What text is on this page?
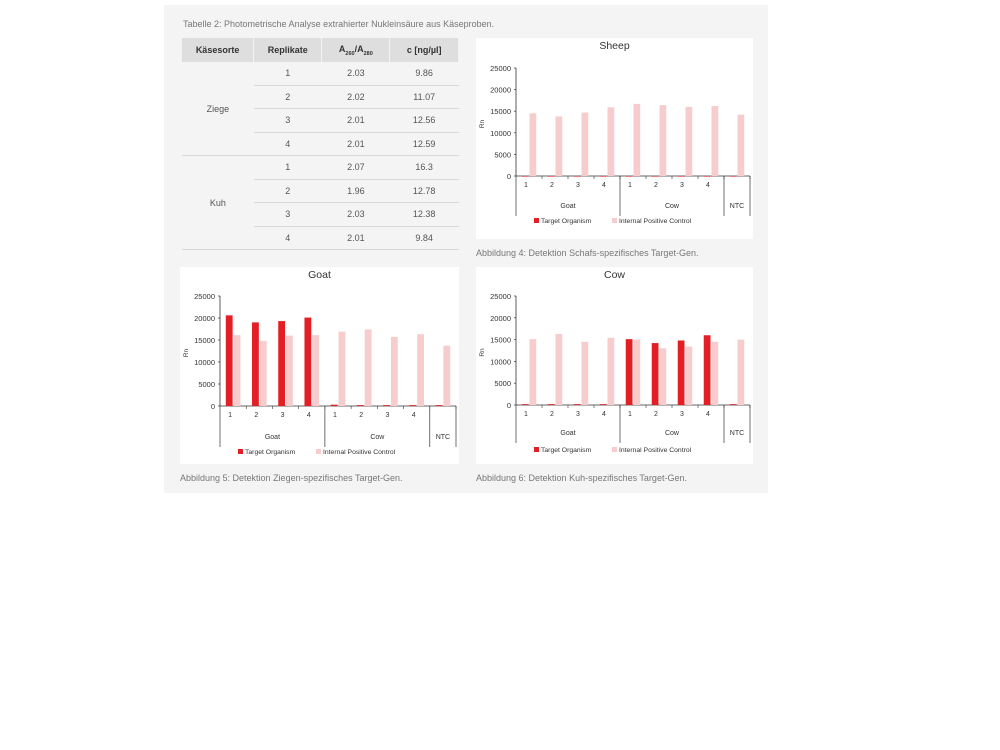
Tabelle 2: Photometrische Analyse extrahierter Nukleinsäure aus Käseproben.
Käsesorte	Replikate	$A_{260}/A_{280}$	c [ng/µl]
Ziege	1	2.03	9.86
	2	2.02	11.07
	3	2.01	12.56
	4	2.01	12.59
Kuh	1	2.07	16.3
	2	1.96	12.78
	3	2.03	12.38
	4	2.01	9.84
Sheep
0
5000
10000
15000
20000
25000
Rn
1	2	3	4	1	2	3	4
Goat	Cow	NTC
Target Organism	Internal Positive Control
Abbildung 4: Detektion Schafs-spezifisches Target-Gen.
Goat
0
5000
10000
15000
20000
25000
Rn
1	2	3	4	1	2	3	4
Goat	Cow	NTC
Target Organism	Internal Positive Control
Abbildung 5: Detektion Ziegen-spezifisches Target-Gen.
Cow
0
5000
10000
15000
20000
25000
Rn
1	2	3	4	1	2	3	4
Goat	Cow	NTC
Target Organism	Internal Positive Control
Abbildung 6: Detektion Kuh-spezifisches Target-Gen.
